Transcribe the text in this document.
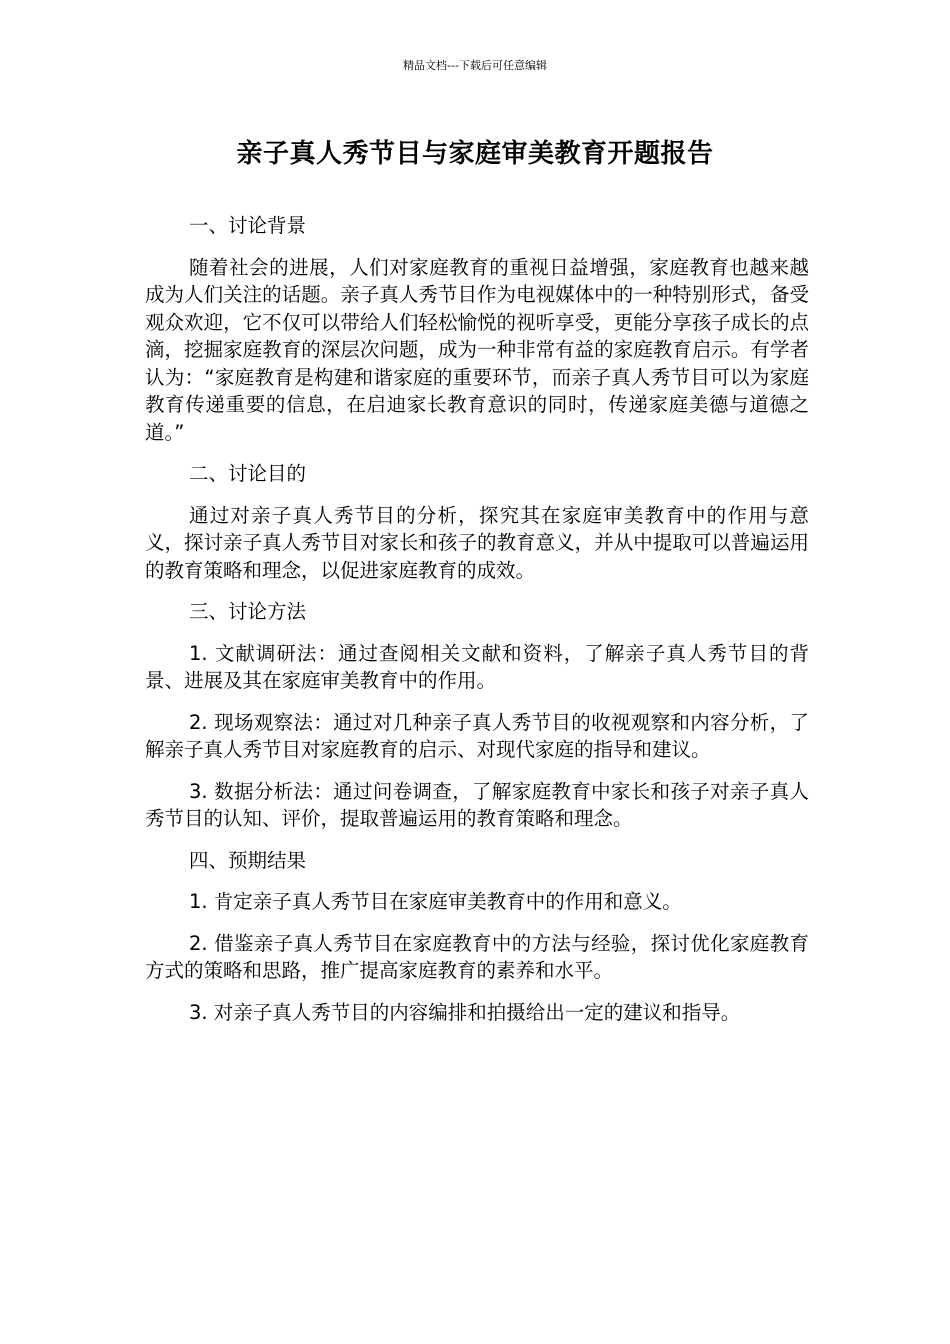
精品文档---下载后可任意编辑
亲子真人秀节目与家庭审美教育开题报告

一、讨论背景

随着社会的进展，人们对家庭教育的重视日益增强，家庭教育也越来越成为人们关注的话题。亲子真人秀节目作为电视媒体中的一种特别形式，备受观众欢迎，它不仅可以带给人们轻松愉悦的视听享受，更能分享孩子成长的点滴，挖掘家庭教育的深层次问题，成为一种非常有益的家庭教育启示。有学者认为：“家庭教育是构建和谐家庭的重要环节，而亲子真人秀节目可以为家庭教育传递重要的信息，在启迪家长教育意识的同时，传递家庭美德与道德之道。”

二、讨论目的

通过对亲子真人秀节目的分析，探究其在家庭审美教育中的作用与意义，探讨亲子真人秀节目对家长和孩子的教育意义，并从中提取可以普遍运用的教育策略和理念，以促进家庭教育的成效。

三、讨论方法

1. 文献调研法：通过查阅相关文献和资料，了解亲子真人秀节目的背景、进展及其在家庭审美教育中的作用。

2. 现场观察法：通过对几种亲子真人秀节目的收视观察和内容分析，了解亲子真人秀节目对家庭教育的启示、对现代家庭的指导和建议。

3. 数据分析法：通过问卷调查，了解家庭教育中家长和孩子对亲子真人秀节目的认知、评价，提取普遍运用的教育策略和理念。

四、预期结果

1. 肯定亲子真人秀节目在家庭审美教育中的作用和意义。

2. 借鉴亲子真人秀节目在家庭教育中的方法与经验，探讨优化家庭教育方式的策略和思路，推广提高家庭教育的素养和水平。

3. 对亲子真人秀节目的内容编排和拍摄给出一定的建议和指导。
